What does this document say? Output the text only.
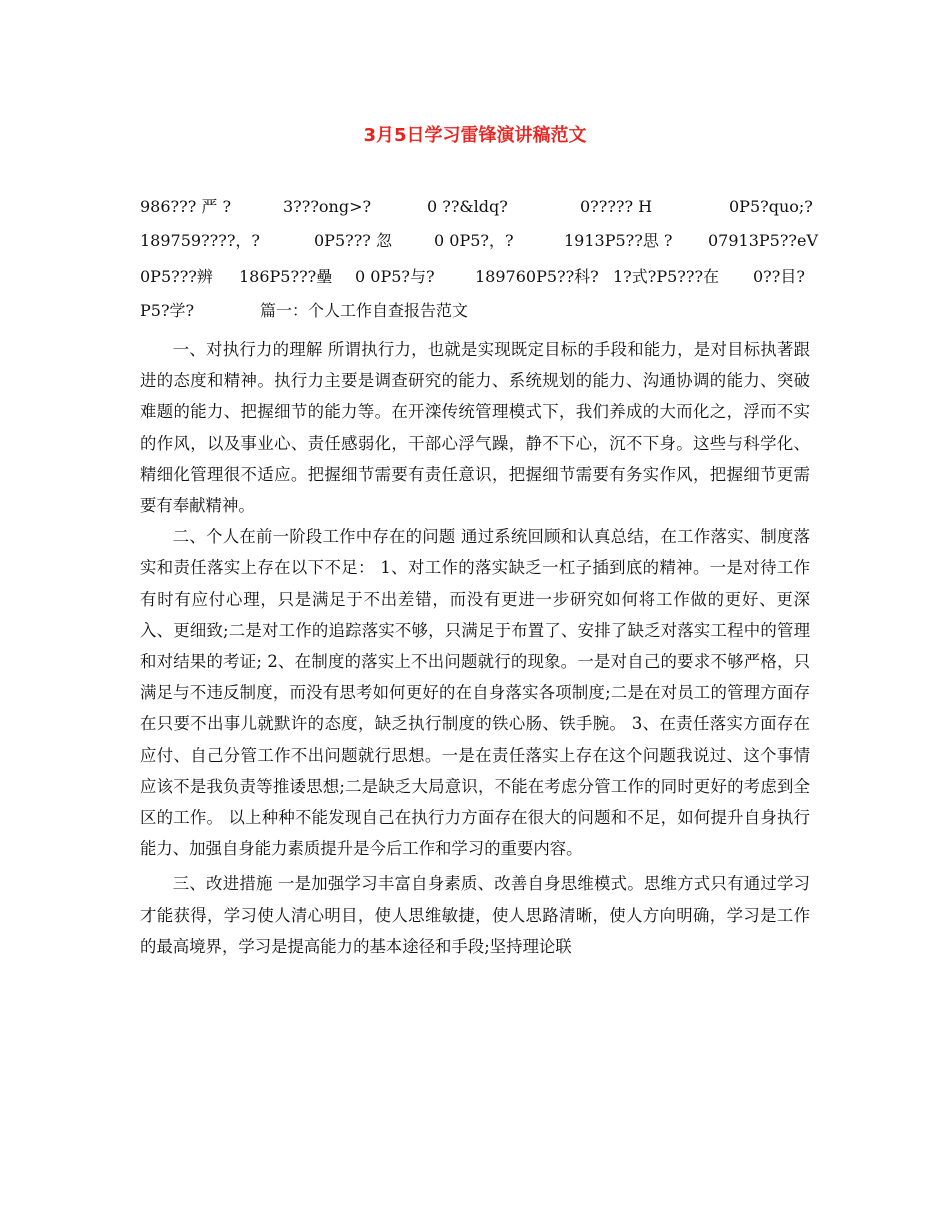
3月5日学习雷锋演讲稿范文
986??? 严 ?	3???ong>?	0 ??&ldq?	0????? H	0P5?quo;?
189759????，?	0P5??? 忽	0 0P5?，?	1913P5??思 ? 07913P5??eV
0P5???辨 186P5???壘 0 0P5?与?	189760P5??科? 1?式?P5???在 0??目?
P5?学?	篇一：个人工作自查报告范文

一、对执行力的理解 所谓执行力，也就是实现既定目标的手段和能力，是对目标执著跟进的态度和精神。执行力主要是调查研究的能力、系统规划的能力、沟通协调的能力、突破难题的能力、把握细节的能力等。在开滦传统管理模式下，我们养成的大而化之，浮而不实的作风，以及事业心、责任感弱化，干部心浮气躁，静不下心，沉不下身。这些与科学化、精细化管理很不适应。把握细节需要有责任意识，把握细节需要有务实作风，把握细节更需要有奉献精神。

二、个人在前一阶段工作中存在的问题 通过系统回顾和认真总结，在工作落实、制度落实和责任落实上存在以下不足： 1、对工作的落实缺乏一杠子插到底的精神。一是对待工作有时有应付心理，只是满足于不出差错，而没有更进一步研究如何将工作做的更好、更深入、更细致;二是对工作的追踪落实不够，只满足于布置了、安排了缺乏对落实工程中的管理和对结果的考证; 2、在制度的落实上不出问题就行的现象。一是对自己的要求不够严格，只满足与不违反制度，而没有思考如何更好的在自身落实各项制度;二是在对员工的管理方面存在只要不出事儿就默许的态度，缺乏执行制度的铁心肠、铁手腕。 3、在责任落实方面存在应付、自己分管工作不出问题就行思想。一是在责任落实上存在这个问题我说过、这个事情应该不是我负责等推诿思想;二是缺乏大局意识，不能在考虑分管工作的同时更好的考虑到全区的工作。 以上种种不能发现自己在执行力方面存在很大的问题和不足，如何提升自身执行能力、加强自身能力素质提升是今后工作和学习的重要内容。

三、改进措施 一是加强学习丰富自身素质、改善自身思维模式。思维方式只有通过学习才能获得，学习使人清心明目，使人思维敏捷，使人思路清晰，使人方向明确，学习是工作的最高境界，学习是提高能力的基本途径和手段;坚持理论联
